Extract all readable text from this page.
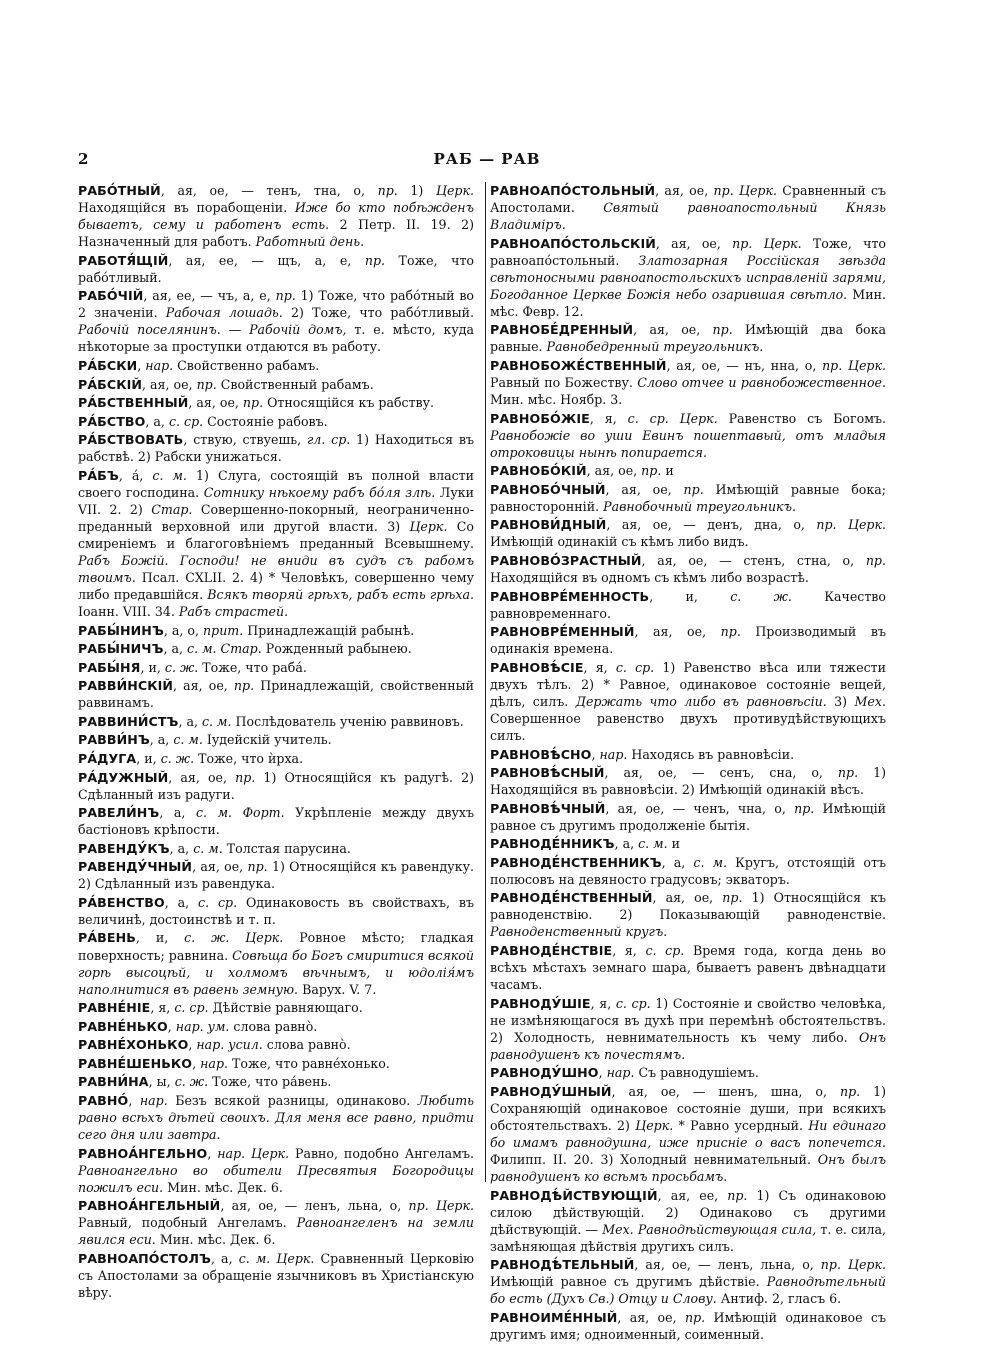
2	РАБ — РАВ

РАБО́ТНЫЙ, ая, ое, — тенъ, тна, о, пр. 1) Церк. Находящійся въ порабощеніи. Иже бо кто побѣжденъ бываетъ, сему и работенъ есть. 2 Петр. II. 19. 2) Назначенный для работъ. Работный день.

РАБОТЯ́ЩІЙ, ая, ее, — щъ, а, е, пр. Тоже, что рабо́тливый.

РАБО́ЧІЙ, ая, ее, — чъ, а, е, пр. 1) Тоже, что рабо́тный во 2 значеніи. Рабочая лошадь. 2) Тоже, что рабо́тливый. Рабочій поселянинъ. — Рабочій домъ, т. е. мѣсто, куда нѣкоторые за проступки отдаются въ работу.

РА́БСКИ, нар. Свойственно рабамъ.

РА́БСКІЙ, ая, ое, пр. Свойственный рабамъ.

РА́БСТВЕННЫЙ, ая, ое, пр. Относящійся къ рабству.

РА́БСТВО, а, с. ср. Состояніе рабовъ.

РА́БСТВОВАТЬ, ствую, ствуешь, гл. ср. 1) Находиться въ рабствѣ. 2) Рабски унижаться.

РА́БЪ, а́, с. м. 1) Слуга, состоящій въ полной власти своего господина. Сотнику нѣкоему рабъ бо́ля злѣ. Луки VII. 2. 2) Стар. Совершенно-покорный, неограниченно-преданный верховной или другой власти. 3) Церк. Со смиреніемъ и благоговѣніемъ преданный Всевышнему. Рабъ Божій. Господи! не вниди въ судъ съ рабомъ твоимъ. Псал. CXLII. 2. 4) * Человѣкъ, совершенно чему либо предавшійся. Всякъ творяй грѣхъ, рабъ есть грѣха. Іоанн. VIII. 34. Рабъ страстей.

РАБЫ́НИНЪ, а, о, прит. Принадлежащій рабынѣ.

РАБЫ́НИЧЪ, а, с. м. Стар. Рожденный рабынею.

РАБЫ́НЯ, и, с. ж. Тоже, что раба́.

РАВВИ́НСКІЙ, ая, ое, пр. Принадлежащій, свойственный раввинамъ.

РАВВИНИ́СТЪ, а, с. м. Послѣдователь ученію раввиновъ.

РАВВИ́НЪ, а, с. м. Іудейскій учитель.

РА́ДУГА, и, с. ж. Тоже, что ѝрха.

РА́ДУЖНЫЙ, ая, ое, пр. 1) Относящійся къ радугѣ. 2) Сдѣланный изъ радуги.

РАВЕЛИ́НЪ, а, с. м. Форт. Укрѣпленіе между двухъ бастіоновъ крѣпости.

РАВЕНДУ́КЪ, а, с. м. Толстая парусина.

РАВЕНДУ́ЧНЫЙ, ая, ое, пр. 1) Относящійся къ равендуку. 2) Сдѣланный изъ равендука.

РА́ВЕНСТВО, а, с. ср. Одинаковость въ свойствахъ, въ величинѣ, достоинствѣ и т. п.

РА́ВЕНЬ, и, с. ж. Церк. Ровное мѣсто; гладкая поверхность; равнина. Совѣща бо Богъ смиритися всякой горѣ высоцѣй, и холмомъ вѣчнымъ, и юдолія́мъ наполнитися въ равень земную. Варух. V. 7.

РАВНЕ́НІЕ, я, с. ср. Дѣйствіе равняющаго.

РАВНЕ́НЬКО, нар. ум. слова равно̀.

РАВНЕ́ХОНЬКО, нар. усил. слова равно̀.

РАВНЕ́ШЕНЬКО, нар. Тоже, что равне́хонько.

РАВНИ́НА, ы, с. ж. Тоже, что ра́вень.

РАВНО́, нар. Безъ всякой разницы, одинаково. Любить равно всѣхъ дѣтей своихъ. Для меня все равно, придти сего дня или завтра.

РАВНОА́НГЕЛЬНО, нар. Церк. Равно, подобно Ангеламъ. Равноангельно во обители Пресвятыя Богородицы пожилъ еси. Мин. мѣс. Дек. 6.

РАВНОА́НГЕЛЬНЫЙ, ая, ое, — ленъ, льна, о, пр. Церк. Равный, подобный Ангеламъ. Равноангеленъ на земли явился еси. Мин. мѣс. Дек. 6.

РАВНОАПО́СТОЛЪ, а, с. м. Церк. Сравненный Церковію съ Апостолами за обращеніе язычниковъ въ Христіанскую вѣру.

РАВНОАПО́СТОЛЬНЫЙ, ая, ое, пр. Церк. Сравненный съ Апостолами. Святый равноапостольный Князь Владиміръ.

РАВНОАПО́СТОЛЬСКІЙ, ая, ое, пр. Церк. Тоже, что равноапо́стольный. Златозарная Россійская звѣзда свѣтоносными равноапостольскихъ исправленій зарями, Богоданное Церкве Божія небо озарившая свѣтло. Мин. мѣс. Февр. 12.

РАВНОБЕ́ДРЕННЫЙ, ая, ое, пр. Имѣющій два бока равные. Равнобедренный треугольникъ.

РАВНОБОЖЕ́СТВЕННЫЙ, ая, ое, — нъ, нна, о, пр. Церк. Равный по Божеству. Слово отчее и равнобожественное. Мин. мѣс. Ноябр. 3.

РАВНОБО́ЖІЕ, я, с. ср. Церк. Равенство съ Богомъ. Равнобожіе во уши Евинъ пошептавый, отъ младыя отроковицы нынѣ попирается.

РАВНОБО́КІЙ, ая, ое, пр. и

РАВНОБО́ЧНЫЙ, ая, ое, пр. Имѣющій равные бока; равносторонній. Равнобочный треугольникъ.

РАВНОВИ́ДНЫЙ, ая, ое, — денъ, дна, о, пр. Церк. Имѣющій одинакій съ кѣмъ либо видъ.

РАВНОВО́ЗРАСТНЫЙ, ая, ое, — стенъ, стна, о, пр. Находящійся въ одномъ съ кѣмъ либо возрастѣ.

РАВНОВРЕ́МЕННОСТЬ, и, с. ж. Качество равновременнаго.

РАВНОВРЕ́МЕННЫЙ, ая, ое, пр. Производимый въ одинакія времена.

РАВНОВѢ́СІЕ, я, с. ср. 1) Равенство вѣса или тяжести двухъ тѣлъ. 2) * Равное, одинаковое состояніе вещей, дѣлъ, силъ. Держать что либо въ равновѣсіи. 3) Мех. Совершенное равенство двухъ противудѣйствующихъ силъ.

РАВНОВѢ́СНО, нар. Находясь въ равновѣсіи.

РАВНОВѢ́СНЫЙ, ая, ое, — сенъ, сна, о, пр. 1) Находящійся въ равновѣсіи. 2) Имѣющій одинакій вѣсъ.

РАВНОВѢ́ЧНЫЙ, ая, ое, — ченъ, чна, о, пр. Имѣющій равное съ другимъ продолженіе бытія.

РАВНОДЕ́ННИКЪ, а, с. м. и

РАВНОДЕ́НСТВЕННИКЪ, а, с. м. Кругъ, отстоящій отъ полюсовъ на девяносто градусовъ; экваторъ.

РАВНОДЕ́НСТВЕННЫЙ, ая, ое, пр. 1) Относящійся къ равноденствію. 2) Показывающій равноденствіе. Равноденственный кругъ.

РАВНОДЕ́НСТВІЕ, я, с. ср. Время года, когда день во всѣхъ мѣстахъ земнаго шара, бываетъ равенъ двѣнадцати часамъ.

РАВНОДУ́ШІЕ, я, с. ср. 1) Состояніе и свойство человѣка, не измѣняющагося въ духѣ при перемѣнѣ обстоятельствъ. 2) Холодность, невнимательность къ чему либо. Онъ равнодушенъ къ почестямъ.

РАВНОДУ́ШНО, нар. Съ равнодушіемъ.

РАВНОДУ́ШНЫЙ, ая, ое, — шенъ, шна, о, пр. 1) Сохраняющій одинаковое состояніе души, при всякихъ обстоятельствахъ. 2) Церк. * Равно усердный. Ни единаго бо имамъ равнодушна, иже присніе о васъ попечется. Филипп. II. 20. 3) Холодный невнимательный. Онъ былъ равнодушенъ ко всѣмъ просьбамъ.

РАВНОДѢ́ЙСТВУЮЩІЙ, ая, ее, пр. 1) Съ одинаковою силою дѣйствующій. 2) Одинаково съ другими дѣйствующій. — Мех. Равнодѣйствующая сила, т. е. сила, замѣняющая дѣйствія другихъ силъ.

РАВНОДѢ́ТЕЛЬНЫЙ, ая, ое, — ленъ, льна, о, пр. Церк. Имѣющій равное съ другимъ дѣйствіе. Равнодѣтельный бо есть (Духъ Св.) Отцу и Слову. Антиф. 2, гласъ 6.

РАВНОИМЕ́ННЫЙ, ая, ое, пр. Имѣющій одинаковое съ другимъ имя; одноименный, соименный.
